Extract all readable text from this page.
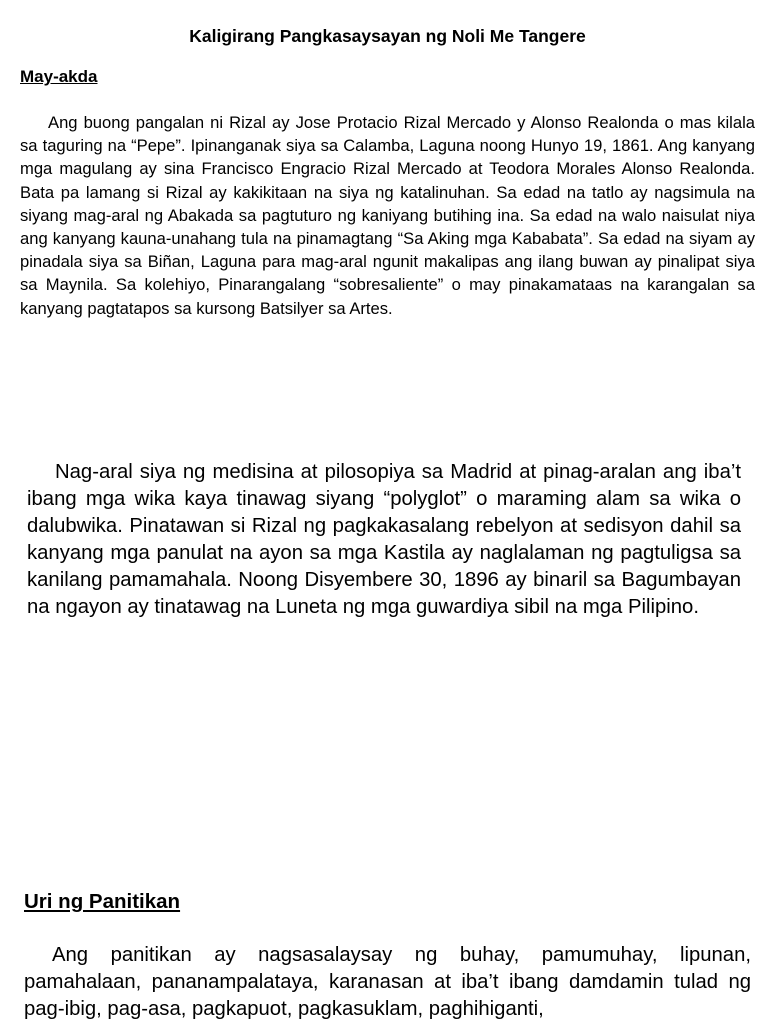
Kaligirang Pangkasaysayan ng Noli Me Tangere
May-akda

Ang buong pangalan ni Rizal ay Jose Protacio Rizal Mercado y Alonso Realonda o mas kilala sa taguring na “Pepe”. Ipinanganak siya sa Calamba, Laguna noong Hunyo 19, 1861. Ang kanyang mga magulang ay sina Francisco Engracio Rizal Mercado at Teodora Morales Alonso Realonda. Bata pa lamang si Rizal ay kakikitaan na siya ng katalinuhan. Sa edad na tatlo ay nagsimula na siyang mag-aral ng Abakada sa pagtuturo ng kaniyang butihing ina. Sa edad na walo naisulat niya ang kanyang kauna-unahang tula na pinamagtang “Sa Aking mga Kababata”. Sa edad na siyam ay pinadala siya sa Biñan, Laguna para mag-aral ngunit makalipas ang ilang buwan ay pinalipat siya sa Maynila. Sa kolehiyo, Pinarangalang “sobresaliente” o may pinakamataas na karangalan sa kanyang pagtatapos sa kursong Batsilyer sa Artes.

Nag-aral siya ng medisina at pilosopiya sa Madrid at pinag-aralan ang iba’t ibang mga wika kaya tinawag siyang “polyglot” o maraming alam sa wika o dalubwika. Pinatawan si Rizal ng pagkakasalang rebelyon at sedisyon dahil sa kanyang mga panulat na ayon sa mga Kastila ay naglalaman ng pagtuligsa sa kanilang pamamahala. Noong Disyembere 30, 1896 ay binaril sa Bagumbayan na ngayon ay tinatawag na Luneta ng mga guwardiya sibil na mga Pilipino.

Uri ng Panitikan

Ang panitikan ay nagsasalaysay ng buhay, pamumuhay, lipunan, pamahalaan, pananampalataya, karanasan at iba’t ibang damdamin tulad ng pag-ibig, pag-asa, pagkapuot, pagkasuklam, paghihiganti,
